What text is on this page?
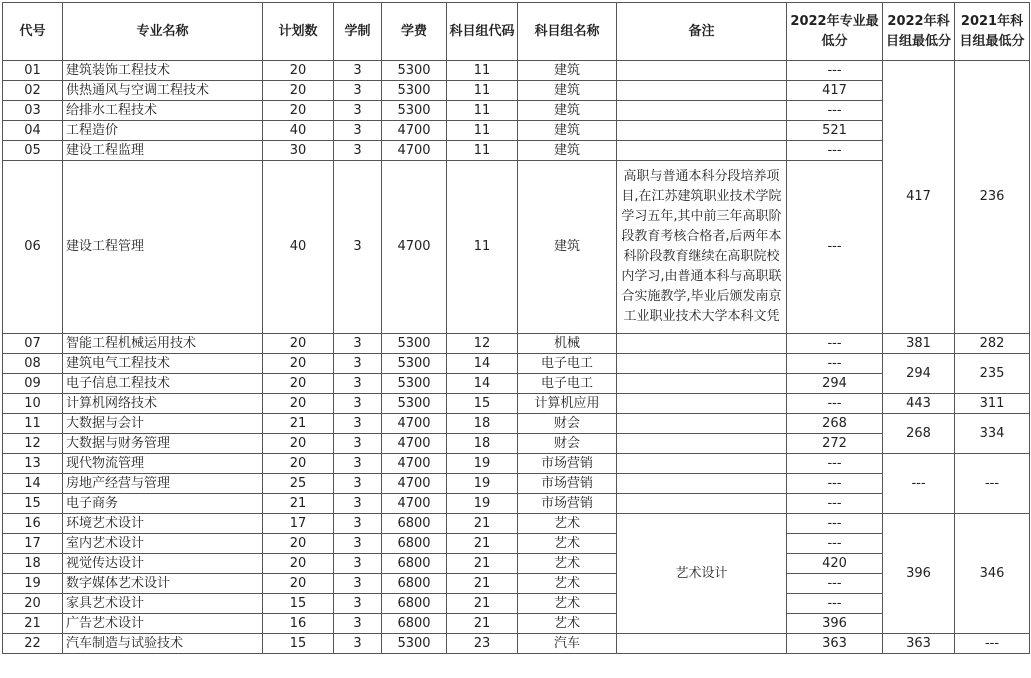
代号	专业名称	计划数	学制	学费	科目组代码	科目组名称	备注	2022年专业最低分	2022年科目组最低分	2021年科目组最低分
01	建筑装饰工程技术	20	3	5300	11	建筑		---	417	236
02	供热通风与空调工程技术	20	3	5300	11	建筑		417		
03	给排水工程技术	20	3	5300	11	建筑		---		
04	工程造价	40	3	4700	11	建筑		521		
05	建设工程监理	30	3	4700	11	建筑		---		
06	建设工程管理	40	3	4700	11	建筑	高职与普通本科分段培养项目,在江苏建筑职业技术学院学习五年,其中前三年高职阶段教育考核合格者,后两年本科阶段教育继续在高职院校内学习,由普通本科与高职联合实施教学,毕业后颁发南京工业职业技术大学本科文凭	---		
07	智能工程机械运用技术	20	3	5300	12	机械		---	381	282
08	建筑电气工程技术	20	3	5300	14	电子电工		---	294	235
09	电子信息工程技术	20	3	5300	14	电子电工		294		
10	计算机网络技术	20	3	5300	15	计算机应用		---	443	311
11	大数据与会计	21	3	4700	18	财会		268	268	334
12	大数据与财务管理	20	3	4700	18	财会		272		
13	现代物流管理	20	3	4700	19	市场营销		---	---	---
14	房地产经营与管理	25	3	4700	19	市场营销		---		
15	电子商务	21	3	4700	19	市场营销		---		
16	环境艺术设计	17	3	6800	21	艺术	艺术设计	---	396	346
17	室内艺术设计	20	3	6800	21	艺术		---		
18	视觉传达设计	20	3	6800	21	艺术		420		
19	数字媒体艺术设计	20	3	6800	21	艺术		---		
20	家具艺术设计	15	3	6800	21	艺术		---		
21	广告艺术设计	16	3	6800	21	艺术		396		
22	汽车制造与试验技术	15	3	5300	23	汽车		363	363	---
